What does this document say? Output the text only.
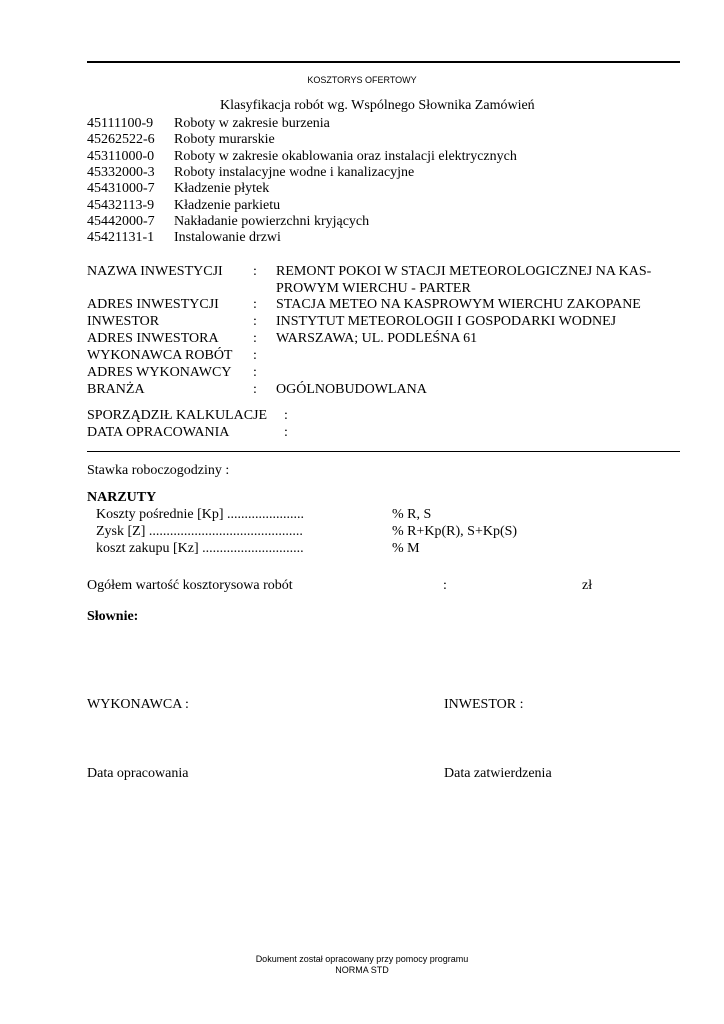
KOSZTORYS OFERTOWY
Klasyfikacja robót wg. Wspólnego Słownika Zamówień
45111100-9 Roboty w zakresie burzenia
45262522-6 Roboty murarskie
45311000-0 Roboty w zakresie okablowania oraz instalacji elektrycznych
45332000-3 Roboty instalacyjne wodne i kanalizacyjne
45431000-7 Kładzenie płytek
45432113-9 Kładzenie parkietu
45442000-7 Nakładanie powierzchni kryjących
45421131-1 Instalowanie drzwi
NAZWA INWESTYCJI : REMONT POKOI W STACJI METEOROLOGICZNEJ NA KAS-
PROWYM WIERCHU - PARTER
ADRES INWESTYCJI : STACJA METEO NA KASPROWYM WIERCHU ZAKOPANE
INWESTOR	: INSTYTUT METEOROLOGII I GOSPODARKI WODNEJ
ADRES INWESTORA : WARSZAWA; UL. PODLEŚNA 61
WYKONAWCA ROBÓT :
ADRES WYKONAWCY :
BRANŻA	: OGÓLNOBUDOWLANA
SPORZĄDZIŁ KALKULACJE :
DATA OPRACOWANIA	:
Stawka roboczogodziny :
NARZUTY
Koszty pośrednie [Kp] ......................	% R, S
Zysk [Z] ............................................	% R+Kp(R), S+Kp(S)
koszt zakupu [Kz] .............................	% M
Ogółem wartość kosztorysowa robót	:	zł
Słownie:
WYKONAWCA :	INWESTOR :
Data opracowania	Data zatwierdzenia
Dokument został opracowany przy pomocy programu
NORMA STD
